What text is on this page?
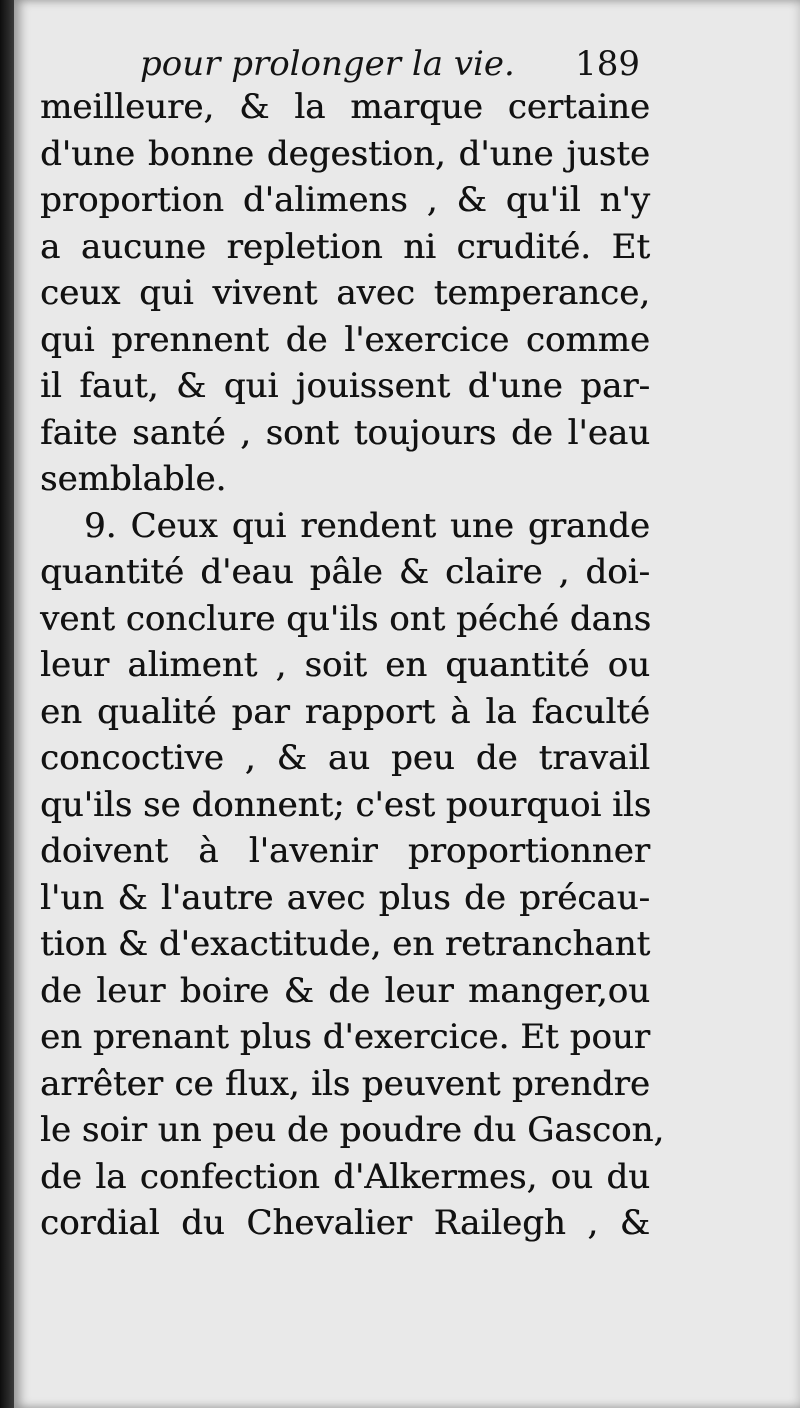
pour prolonger la vie. 189
meilleure, & la marque certaine
d'une bonne degestion, d'une juste
proportion d'alimens , & qu'il n'y
a aucune repletion ni crudité. Et
ceux qui vivent avec temperance,
qui prennent de l'exercice comme
il faut, & qui jouissent d'une par-
faite santé , sont toujours de l'eau
semblable.
9. Ceux qui rendent une grande
quantité d'eau pâle & claire , doi-
vent conclure qu'ils ont péché dans
leur aliment , soit en quantité ou
en qualité par rapport à la faculté
concoctive , & au peu de travail
qu'ils se donnent; c'est pourquoi ils
doivent à l'avenir proportionner
l'un & l'autre avec plus de précau-
tion & d'exactitude, en retranchant
de leur boire & de leur manger,ou
en prenant plus d'exercice. Et pour
arrêter ce flux, ils peuvent prendre
le soir un peu de poudre du Gascon,
de la confection d'Alkermes, ou du
cordial du Chevalier Railegh , &
